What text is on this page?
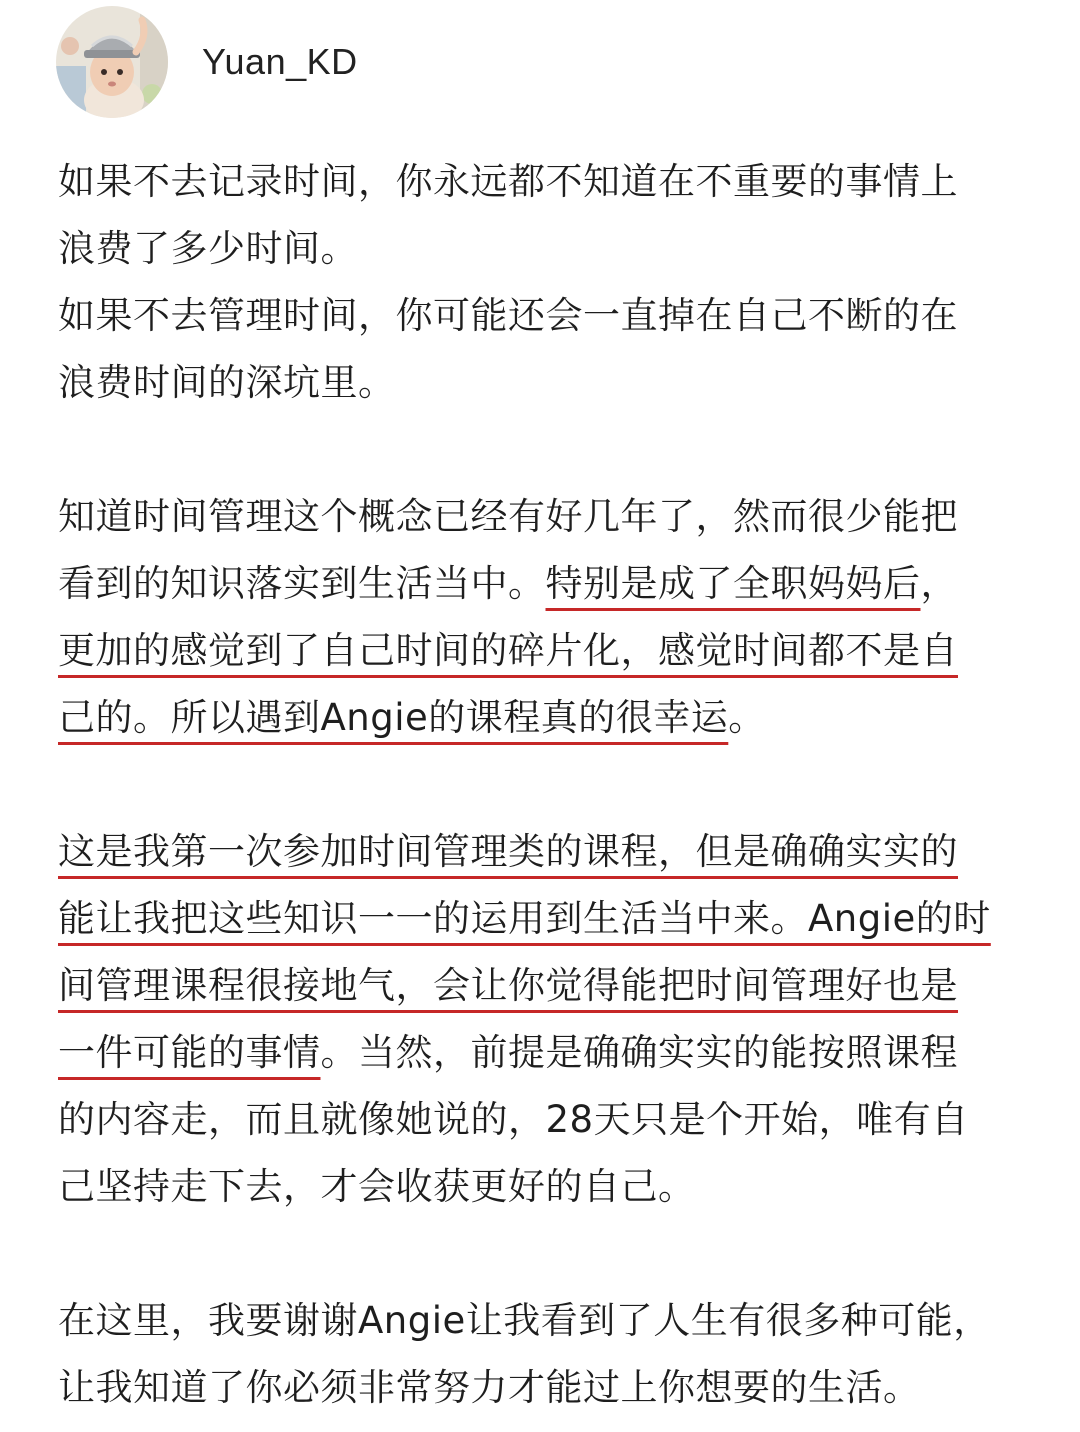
Yuan_KD

如果不去记录时间，你永远都不知道在不重要的事情上

浪费了多少时间。

如果不去管理时间，你可能还会一直掉在自己不断的在

浪费时间的深坑里。

知道时间管理这个概念已经有好几年了，然而很少能把

看到的知识落实到生活当中。特别是成了全职妈妈后，

更加的感觉到了自己时间的碎片化，感觉时间都不是自

己的。所以遇到Angie的课程真的很幸运。

这是我第一次参加时间管理类的课程，但是确确实实的

能让我把这些知识一一的运用到生活当中来。Angie的时

间管理课程很接地气，会让你觉得能把时间管理好也是

一件可能的事情。当然，前提是确确实实的能按照课程

的内容走，而且就像她说的，28天只是个开始，唯有自

己坚持走下去，才会收获更好的自己。

在这里，我要谢谢Angie让我看到了人生有很多种可能，

让我知道了你必须非常努力才能过上你想要的生活。
